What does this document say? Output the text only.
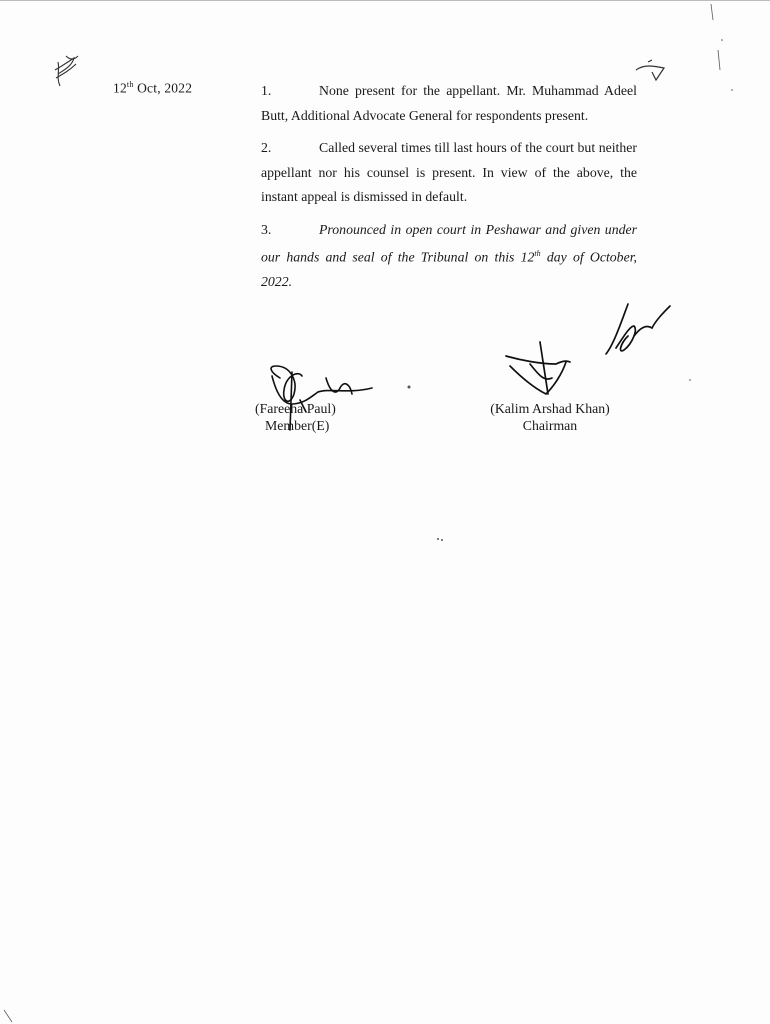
12th Oct, 2022	1.	None present for the appellant. Mr. Muhammad Adeel Butt, Additional Advocate General for respondents present.

2.	Called several times till last hours of the court but neither appellant nor his counsel is present. In view of the above, the instant appeal is dismissed in default.

3.	Pronounced in open court in Peshawar and given under our hands and seal of the Tribunal on this 12th day of October, 2022.

(Fareeha Paul)
Member(E)
(Kalim Arshad Khan)
Chairman
